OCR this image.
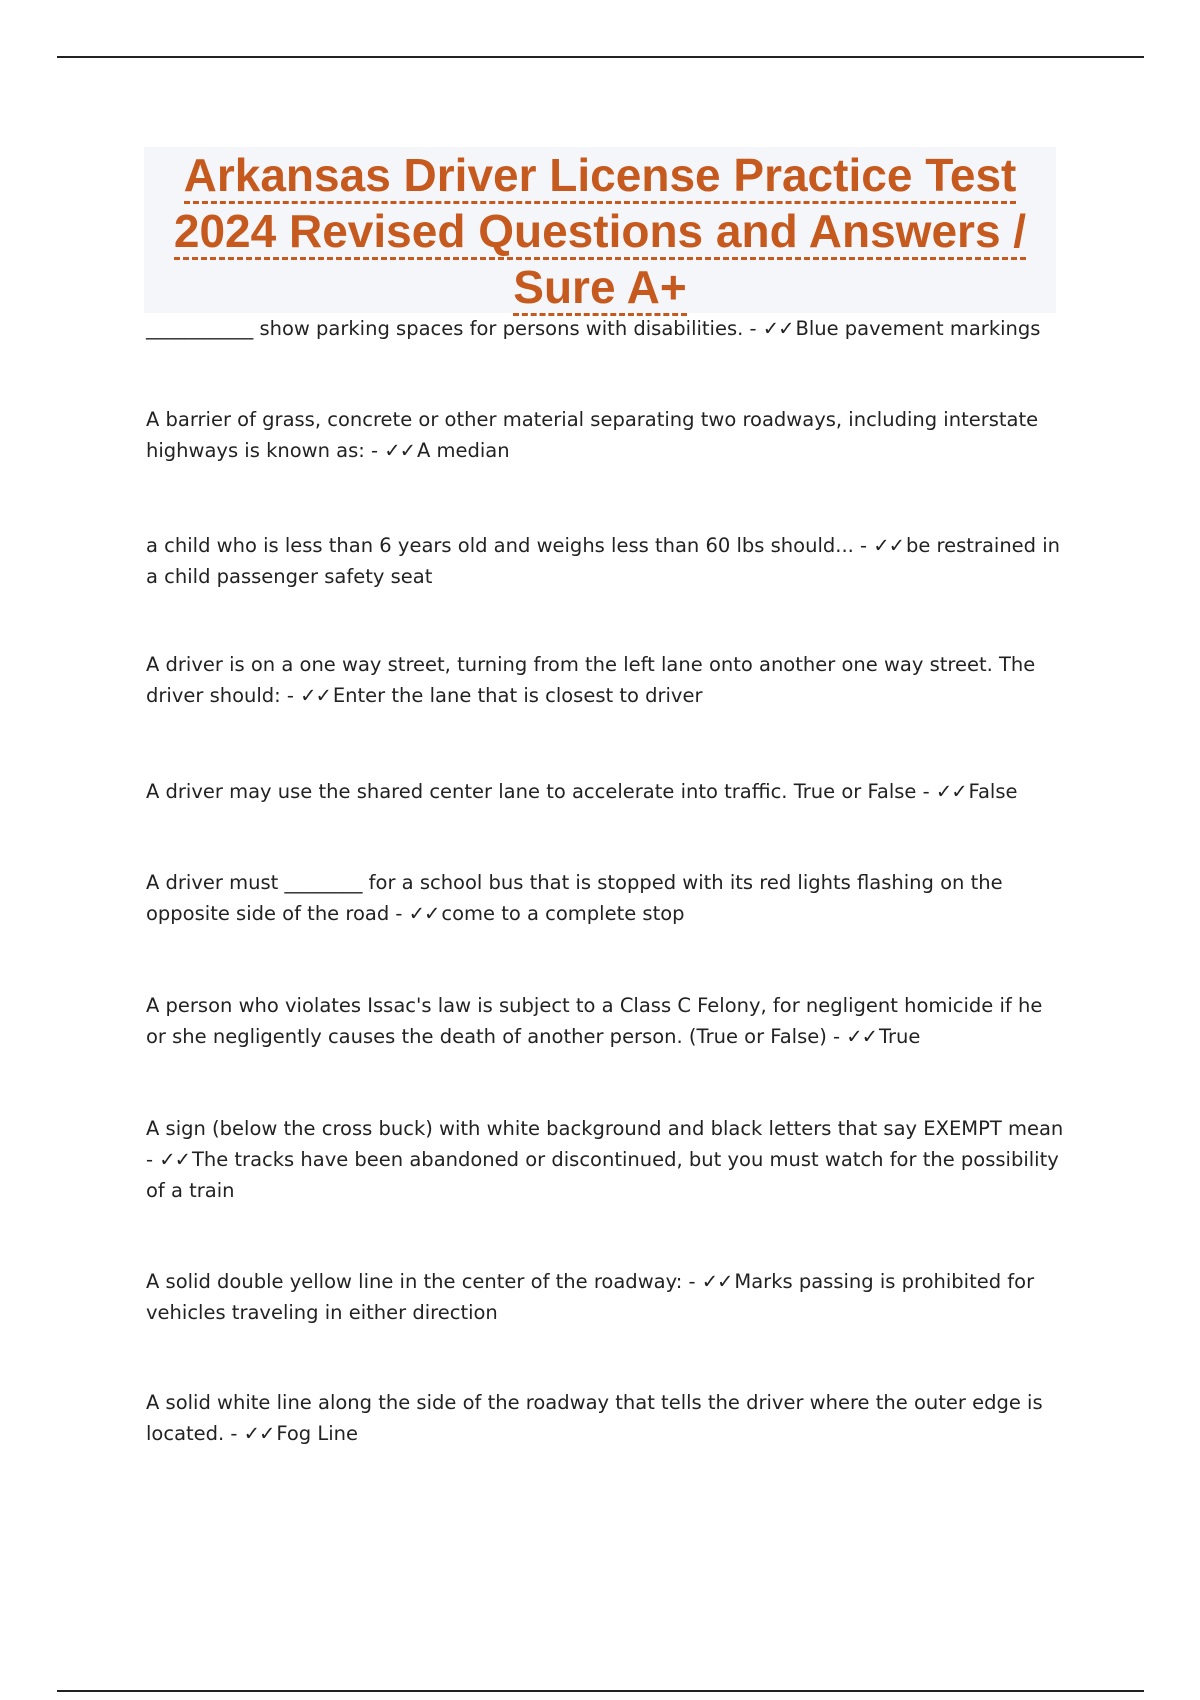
Arkansas Driver License Practice Test
2024 Revised Questions and Answers /
Sure A+
___________ show parking spaces for persons with disabilities. - ✓✓ Blue pavement markings
A barrier of grass, concrete or other material separating two roadways, including interstate highways is known as: - ✓✓ A median
a child who is less than 6 years old and weighs less than 60 lbs should... - ✓✓ be restrained in a child passenger safety seat
A driver is on a one way street, turning from the left lane onto another one way street. The driver should: - ✓✓ Enter the lane that is closest to driver
A driver may use the shared center lane to accelerate into traffic. True or False - ✓✓ False
A driver must ________ for a school bus that is stopped with its red lights flashing on the opposite side of the road - ✓✓ come to a complete stop
A person who violates Issac's law is subject to a Class C Felony, for negligent homicide if he or she negligently causes the death of another person. (True or False) - ✓✓ True
A sign (below the cross buck) with white background and black letters that say EXEMPT mean - ✓✓ The tracks have been abandoned or discontinued, but you must watch for the possibility of a train
A solid double yellow line in the center of the roadway: - ✓✓ Marks passing is prohibited for vehicles traveling in either direction
A solid white line along the side of the roadway that tells the driver where the outer edge is located. - ✓✓ Fog Line
